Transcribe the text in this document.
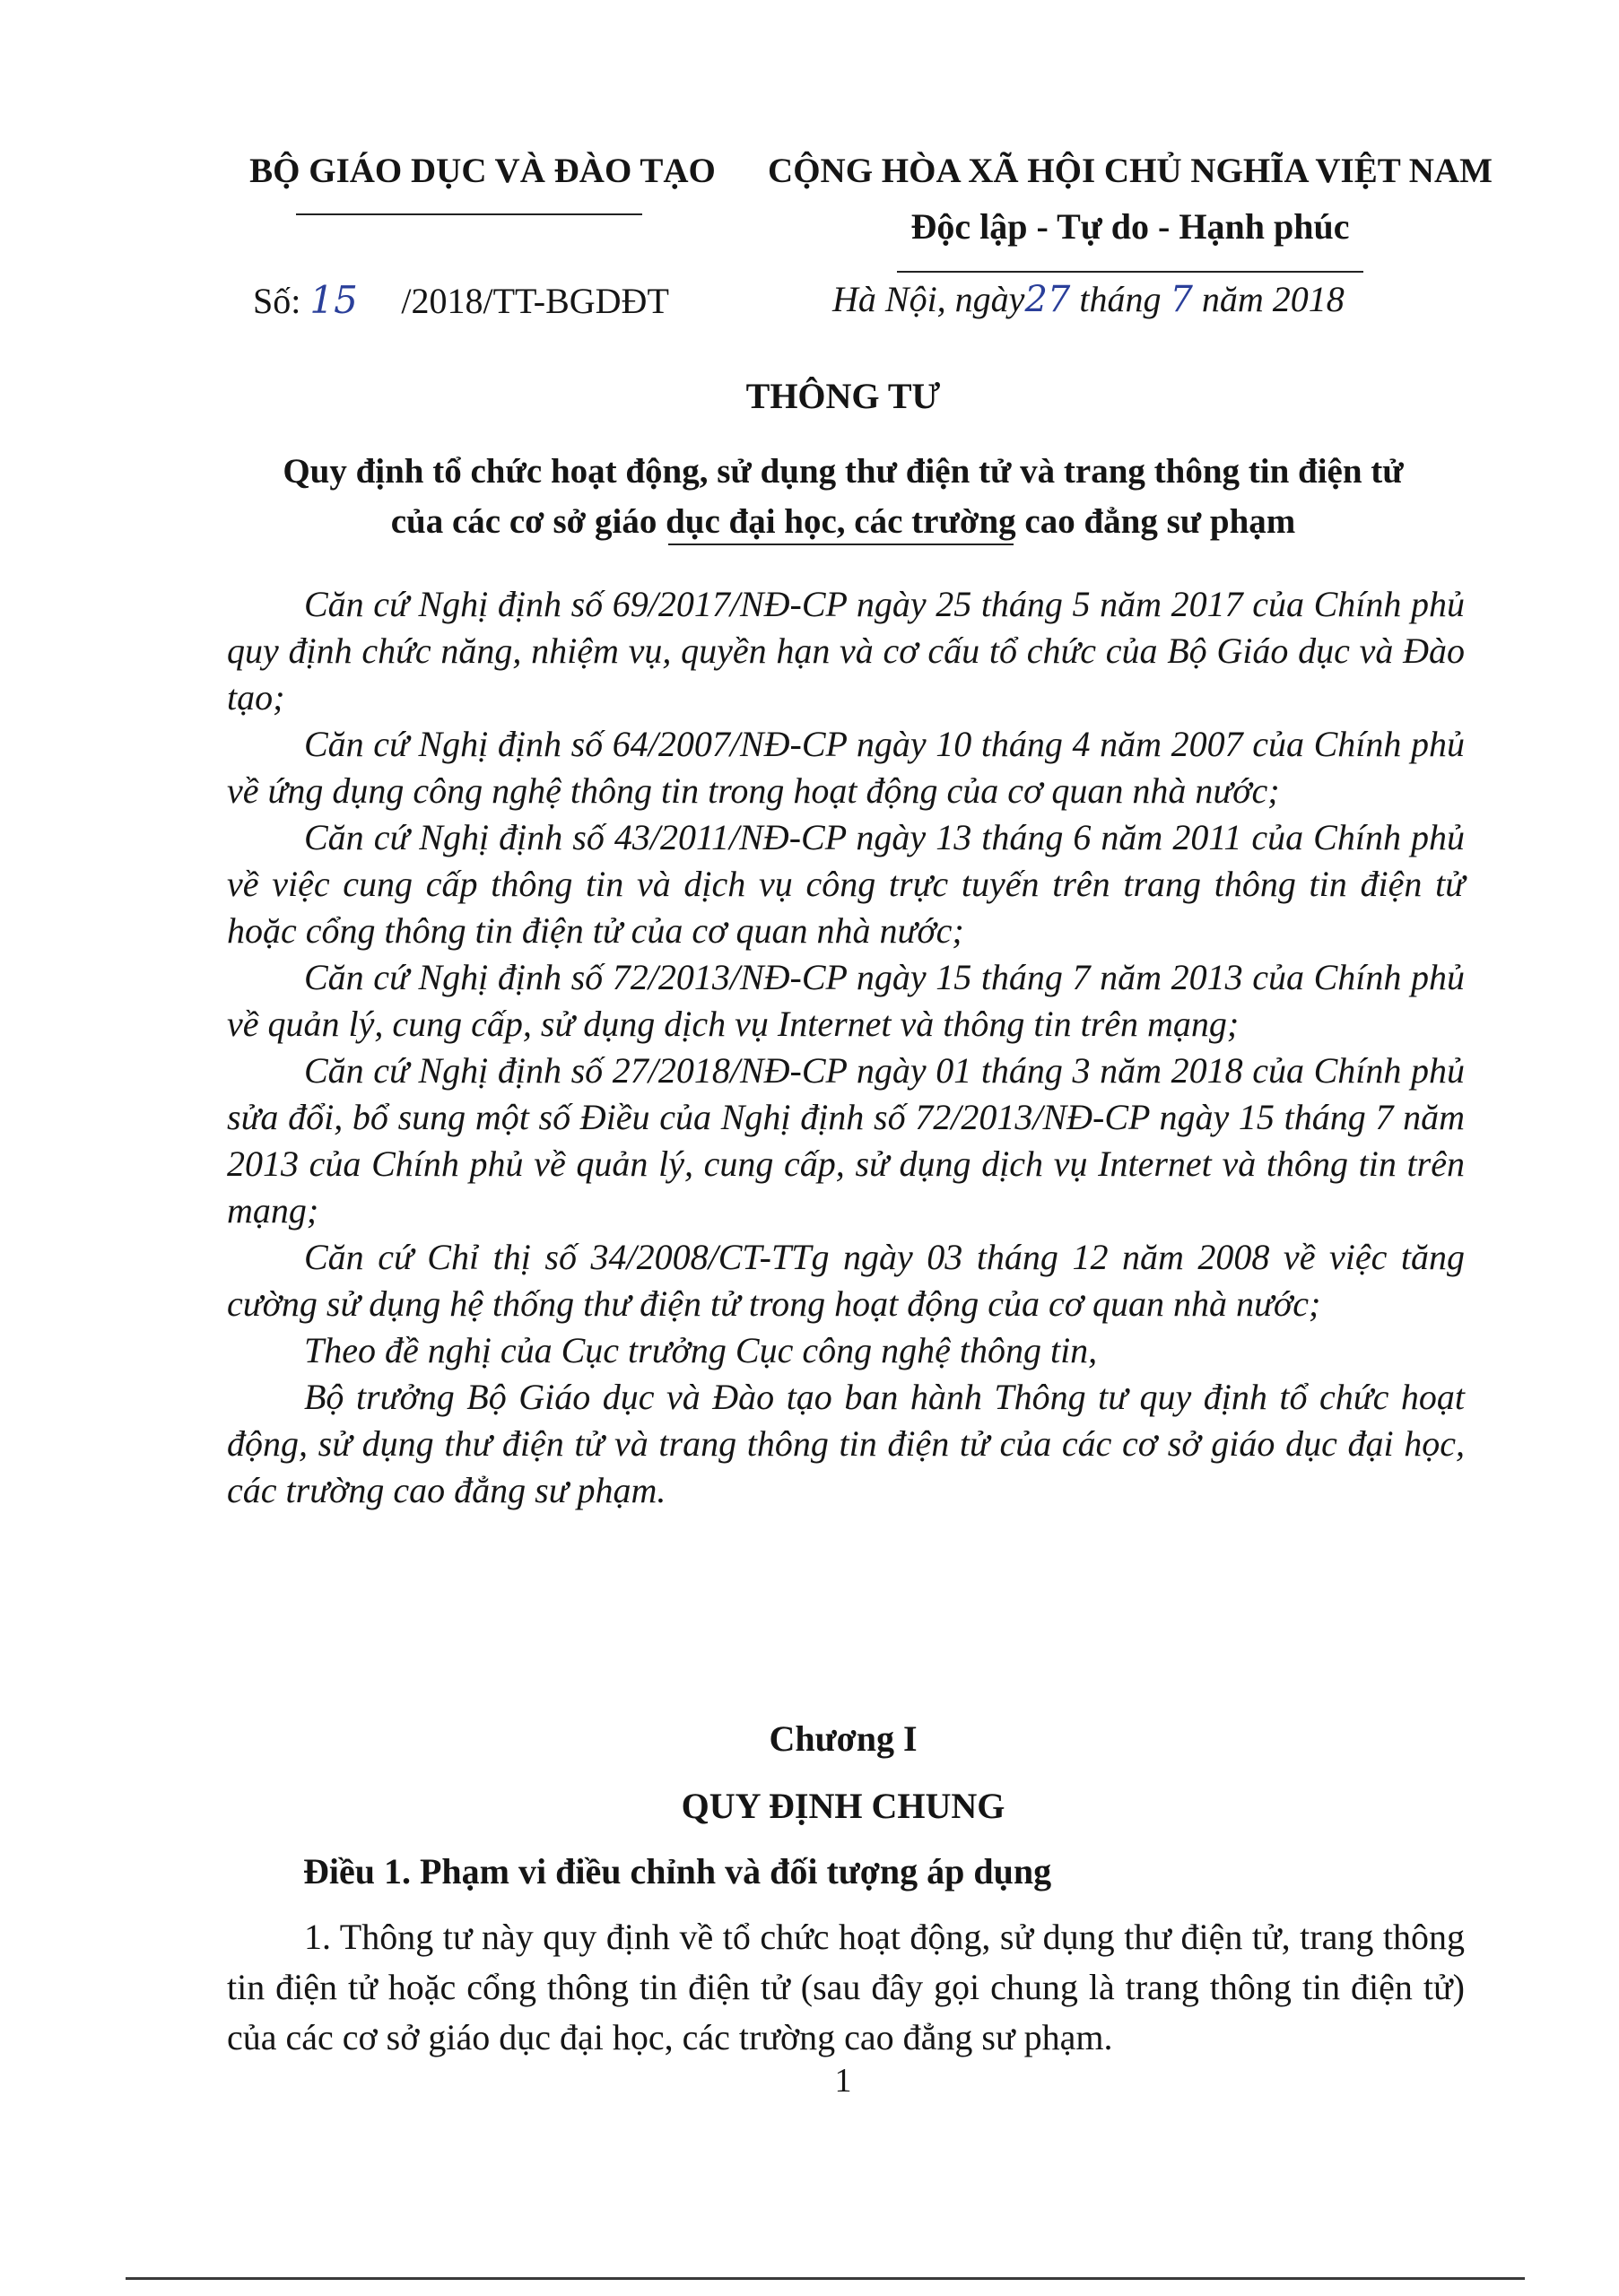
BỘ GIÁO DỤC VÀ ĐÀO TẠO	CỘNG HÒA XÃ HỘI CHỦ NGHĨA VIỆT NAM
Độc lập - Tự do - Hạnh phúc
Số: 15 /2018/TT-BGDĐT	Hà Nội, ngày27 tháng 7 năm 2018
THÔNG TƯ
Quy định tổ chức hoạt động, sử dụng thư điện tử và trang thông tin điện tử
của các cơ sở giáo dục đại học, các trường cao đẳng sư phạm

Căn cứ Nghị định số 69/2017/NĐ-CP ngày 25 tháng 5 năm 2017 của Chính phủ quy định chức năng, nhiệm vụ, quyền hạn và cơ cấu tổ chức của Bộ Giáo dục và Đào tạo;

Căn cứ Nghị định số 64/2007/NĐ-CP ngày 10 tháng 4 năm 2007 của Chính phủ về ứng dụng công nghệ thông tin trong hoạt động của cơ quan nhà nước;

Căn cứ Nghị định số 43/2011/NĐ-CP ngày 13 tháng 6 năm 2011 của Chính phủ về việc cung cấp thông tin và dịch vụ công trực tuyến trên trang thông tin điện tử hoặc cổng thông tin điện tử của cơ quan nhà nước;

Căn cứ Nghị định số 72/2013/NĐ-CP ngày 15 tháng 7 năm 2013 của Chính phủ về quản lý, cung cấp, sử dụng dịch vụ Internet và thông tin trên mạng;

Căn cứ Nghị định số 27/2018/NĐ-CP ngày 01 tháng 3 năm 2018 của Chính phủ sửa đổi, bổ sung một số Điều của Nghị định số 72/2013/NĐ-CP ngày 15 tháng 7 năm 2013 của Chính phủ về quản lý, cung cấp, sử dụng dịch vụ Internet và thông tin trên mạng;

Căn cứ Chỉ thị số 34/2008/CT-TTg ngày 03 tháng 12 năm 2008 về việc tăng cường sử dụng hệ thống thư điện tử trong hoạt động của cơ quan nhà nước;

Theo đề nghị của Cục trưởng Cục công nghệ thông tin,

Bộ trưởng Bộ Giáo dục và Đào tạo ban hành Thông tư quy định tổ chức hoạt động, sử dụng thư điện tử và trang thông tin điện tử của các cơ sở giáo dục đại học, các trường cao đẳng sư phạm.

Chương I
QUY ĐỊNH CHUNG
Điều 1. Phạm vi điều chỉnh và đối tượng áp dụng

1. Thông tư này quy định về tổ chức hoạt động, sử dụng thư điện tử, trang thông tin điện tử hoặc cổng thông tin điện tử (sau đây gọi chung là trang thông tin điện tử) của các cơ sở giáo dục đại học, các trường cao đẳng sư phạm.

1
